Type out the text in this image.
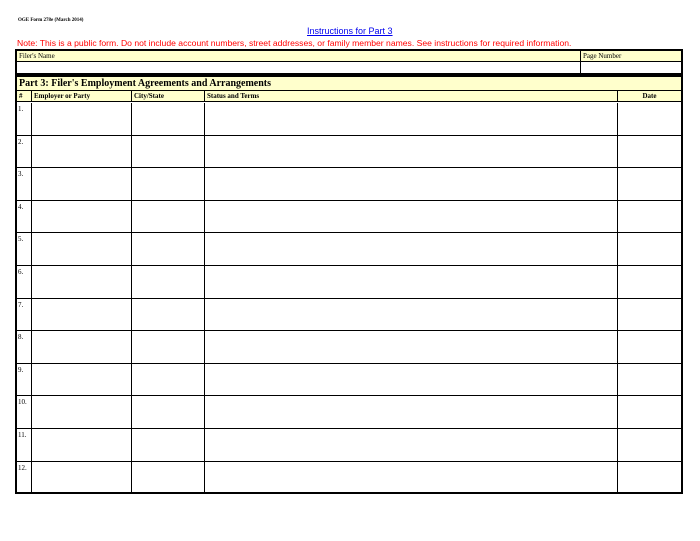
OGE Form 278e (March 2014)
Instructions for Part 3
Note: This is a public form. Do not include account numbers, street addresses, or family member names. See instructions for required information.
Filer's Name	Page Number
Part 3: Filer's Employment Agreements and Arrangements
#	Employer or Party	City/State	Status and Terms	Date
1.
2.
3.
4.
5.
6.
7.
8.
9.
10.
11.
12.
